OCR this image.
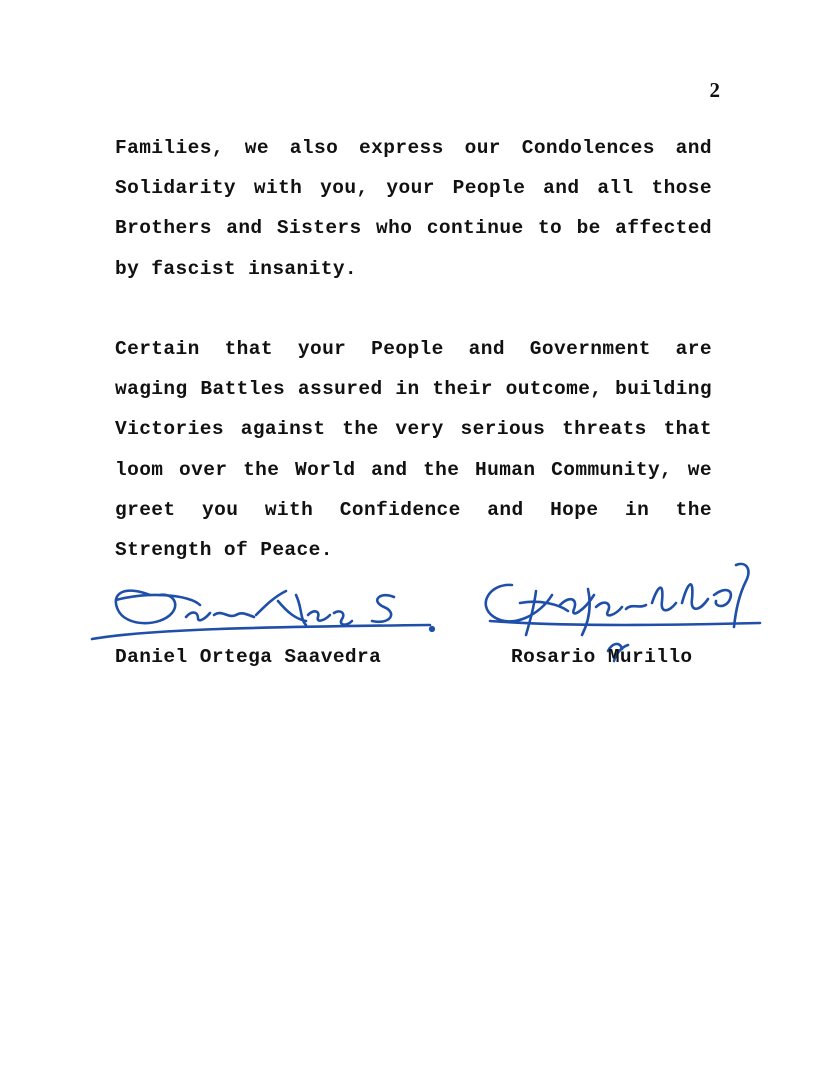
2

Families, we also express our Condolences and Solidarity with you, your People and all those Brothers and Sisters who continue to be affected by fascist insanity.

Certain that your People and Government are waging Battles assured in their outcome, building Victories against the very serious threats that loom over the World and the Human Community, we greet you with Confidence and Hope in the Strength of Peace.

Daniel Ortega Saavedra	Rosario Murillo
